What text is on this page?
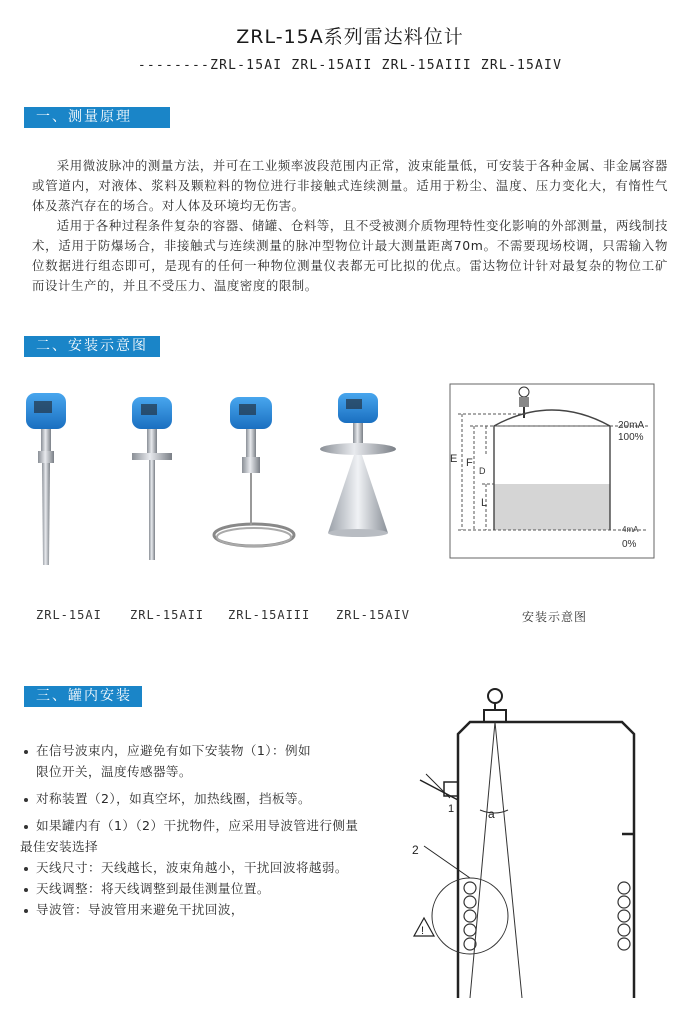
ZRL-15A系列雷达料位计
--------ZRL-15AI ZRL-15AII ZRL-15AIII ZRL-15AIV
一、测量原理

采用微波脉冲的测量方法，并可在工业频率波段范围内正常，波束能量低，可安装于各种金属、非金属容器或管道内，对液体、浆料及颗粒料的物位进行非接触式连续测量。适用于粉尘、温度、压力变化大，有惰性气体及蒸汽存在的场合。对人体及环境均无伤害。

适用于各种过程条件复杂的容器、储罐、仓料等，且不受被测介质物理特性变化影响的外部测量，两线制技术，适用于防爆场合，非接触式与连续测量的脉冲型物位计最大测量距离70m。不需要现场校调，只需输入物位数据进行组态即可，是现有的任何一种物位测量仪表都无可比拟的优点。雷达物位计针对最复杂的物位工矿而设计生产的，并且不受压力、温度密度的限制。

二、安装示意图
ZRL-15AI ZRL-15AII ZRL-15AIII ZRL-15AIV	安装示意图
E F
D
L
20mA
100%
4mA
0%
三、罐内安装
在信号波束内，应避免有如下安装物（1）：例如
限位开关，温度传感器等。
对称装置（2），如真空坏，加热线圈，挡板等。
如果罐内有（1）（2）干扰物件，应采用导波管进行侧量
最佳安装选择
天线尺寸：天线越长，波束角越小，干扰回波将越弱。
天线调整：将天线调整到最佳测量位置。
导波管：导波管用来避免干扰回波，
a
1
2
!
